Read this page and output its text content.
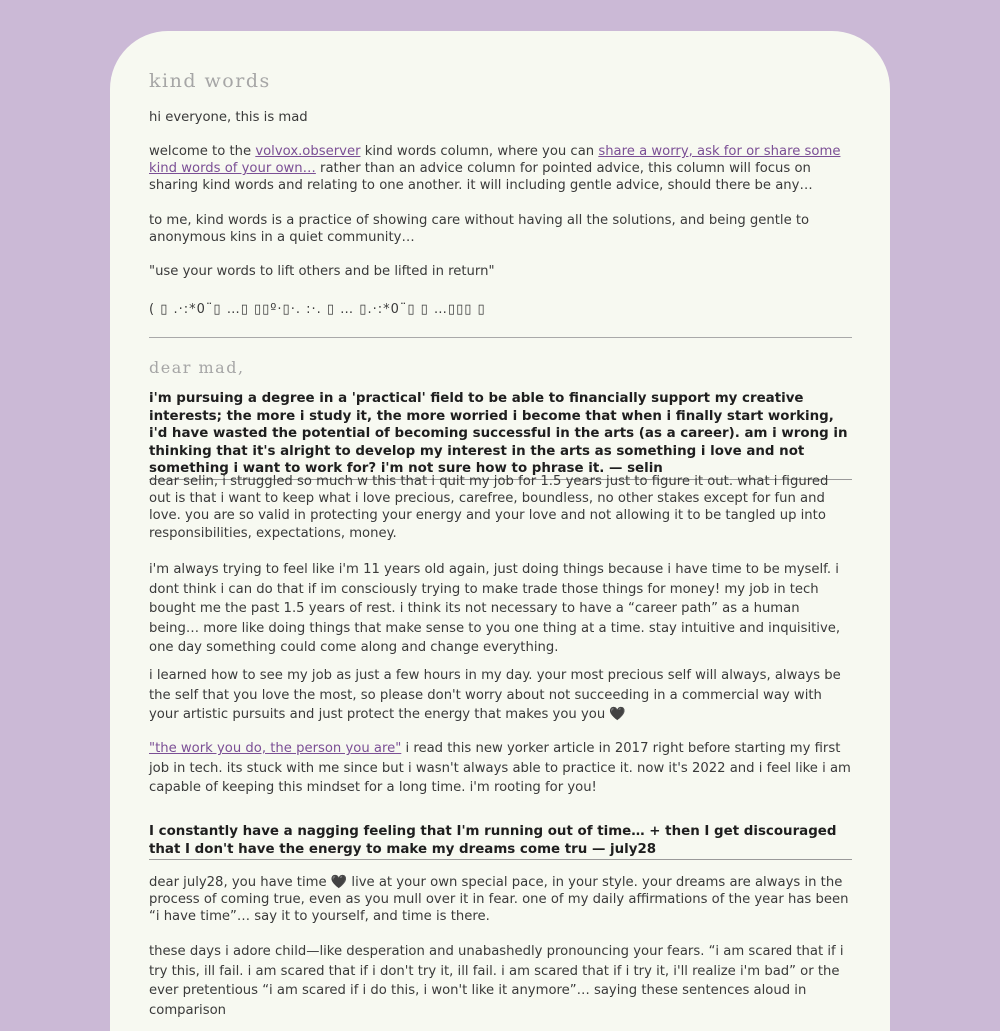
kind words

hi everyone, this is mad

welcome to the volvox.observer kind words column, where you can share a worry, ask for or share some kind words of your own… rather than an advice column for pointed advice, this column will focus on sharing kind words and relating to one another. it will including gentle advice, should there be any…

to me, kind words is a practice of showing care without having all the solutions, and being gentle to anonymous kins in a quiet community…

"use your words to lift others and be lifted in return"

( ▯ .·:*0¨▯ …▯ ▯▯º·▯·. :·. ▯ … ▯.·:*0¨▯ ▯ …▯▯▯ ▯

dear mad,

i'm pursuing a degree in a 'practical' field to be able to financially support my creative interests; the more i study it, the more worried i become that when i finally start working, i'd have wasted the potential of becoming successful in the arts (as a career). am i wrong in thinking that it's alright to develop my interest in the arts as something i love and not something i want to work for? i'm not sure how to phrase it. — selin

dear selin, i struggled so much w this that i quit my job for 1.5 years just to figure it out. what i figured out is that i want to keep what i love precious, carefree, boundless, no other stakes except for fun and love. you are so valid in protecting your energy and your love and not allowing it to be tangled up into responsibilities, expectations, money.

i'm always trying to feel like i'm 11 years old again, just doing things because i have time to be myself. i dont think i can do that if im consciously trying to make trade those things for money! my job in tech bought me the past 1.5 years of rest. i think its not necessary to have a “career path” as a human being… more like doing things that make sense to you one thing at a time. stay intuitive and inquisitive, one day something could come along and change everything.

i learned how to see my job as just a few hours in my day. your most precious self will always, always be the self that you love the most, so please don't worry about not succeeding in a commercial way with your artistic pursuits and just protect the energy that makes you you 🖤

"the work you do, the person you are" i read this new yorker article in 2017 right before starting my first job in tech. its stuck with me since but i wasn't always able to practice it. now it's 2022 and i feel like i am capable of keeping this mindset for a long time. i'm rooting for you!

I constantly have a nagging feeling that I'm running out of time… + then I get discouraged that I don't have the energy to make my dreams come tru — july28

dear july28, you have time 🖤 live at your own special pace, in your style. your dreams are always in the process of coming true, even as you mull over it in fear. one of my daily affirmations of the year has been “i have time”… say it to yourself, and time is there.

these days i adore child—like desperation and unabashedly pronouncing your fears. “i am scared that if i try this, ill fail. i am scared that if i don't try it, ill fail. i am scared that if i try it, i'll realize i'm bad” or the ever pretentious “i am scared if i do this, i won't like it anymore”… saying these sentences aloud in comparison
